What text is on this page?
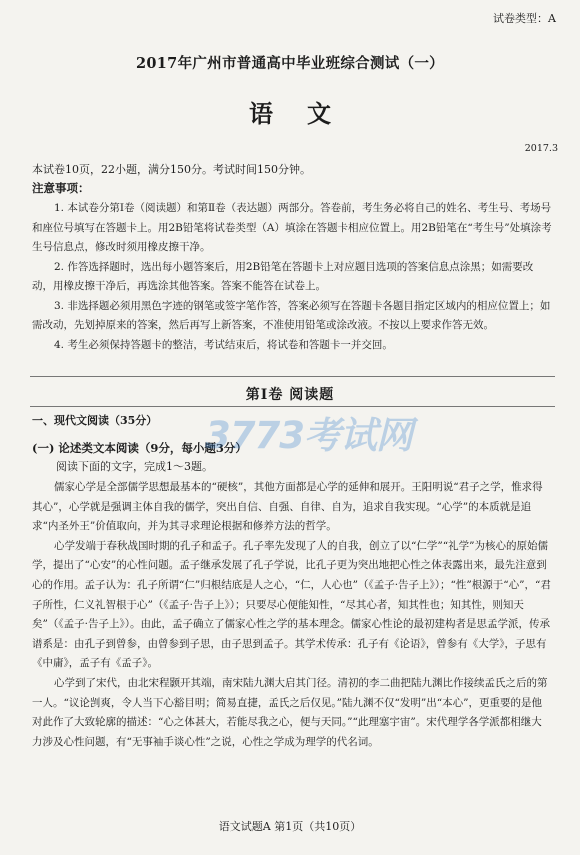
试卷类型：A
2017年广州市普通高中毕业班综合测试（一）
语文
2017.3
本试卷10页，22小题，满分150分。考试时间150分钟。
注意事项：

1. 本试卷分第Ⅰ卷（阅读题）和第Ⅱ卷（表达题）两部分。答卷前，考生务必将自己的姓名、考生号、考场号和座位号填写在答题卡上。用2B铅笔将试卷类型（A）填涂在答题卡相应位置上。用2B铅笔在“考生号”处填涂考生号信息点，修改时须用橡皮擦干净。

2. 作答选择题时，选出每小题答案后，用2B铅笔在答题卡上对应题目选项的答案信息点涂黑；如需要改动，用橡皮擦干净后，再选涂其他答案。答案不能答在试卷上。

3. 非选择题必须用黑色字迹的钢笔或签字笔作答，答案必须写在答题卡各题目指定区域内的相应位置上；如需改动，先划掉原来的答案，然后再写上新答案，不准使用铅笔或涂改液。不按以上要求作答无效。

4. 考生必须保持答题卡的整洁，考试结束后，将试卷和答题卡一并交回。

第Ⅰ卷 阅读题
一、现代文阅读（35分）
(一) 论述类文本阅读（9分，每小题3分）
阅读下面的文字，完成1～3题。

儒家心学是全部儒学思想最基本的“硬核”，其他方面都是心学的延伸和展开。王阳明说“君子之学，惟求得其心”，心学就是强调主体自我的儒学，突出自信、自强、自律、自为，追求自我实现。“心学”的本质就是追求“内圣外王”价值取向，并为其寻求理论根据和修养方法的哲学。

心学发端于春秋战国时期的孔子和孟子。孔子率先发现了人的自我，创立了以“仁学”“礼学”为核心的原始儒学，提出了“心安”的心性问题。孟子继承发展了孔子学说，比孔子更为突出地把心性之体表露出来，最先注意到心的作用。孟子认为：孔子所谓“仁”归根结底是人之心，“仁，人心也”（《孟子·告子上》）；“性”根源于“心”，“君子所性，仁义礼智根于心”（《孟子·告子上》）；只要尽心便能知性，“尽其心者，知其性也；知其性，则知天矣”（《孟子·告子上》）。由此，孟子确立了儒家心性之学的基本理念。儒家心性论的最初建构者是思孟学派，传承谱系是：由孔子到曾参，由曾参到子思，由子思到孟子。其学术传承：孔子有《论语》，曾参有《大学》，子思有《中庸》，孟子有《孟子》。

心学到了宋代，由北宋程颢开其端，南宋陆九渊大启其门径。清初的李二曲把陆九渊比作接续孟氏之后的第一人。“议论剀爽，令人当下心豁目明；简易直捷，孟氏之后仅见。”陆九渊不仅“发明”出“本心”，更重要的是他对此作了大致轮廓的描述：“心之体甚大，若能尽我之心，便与天同。”“此理塞宇宙”。宋代理学各学派都相继大力涉及心性问题，有“无事袖手谈心性”之说，心性之学成为理学的代名词。

3773考试网
语文试题A 第1页（共10页）
